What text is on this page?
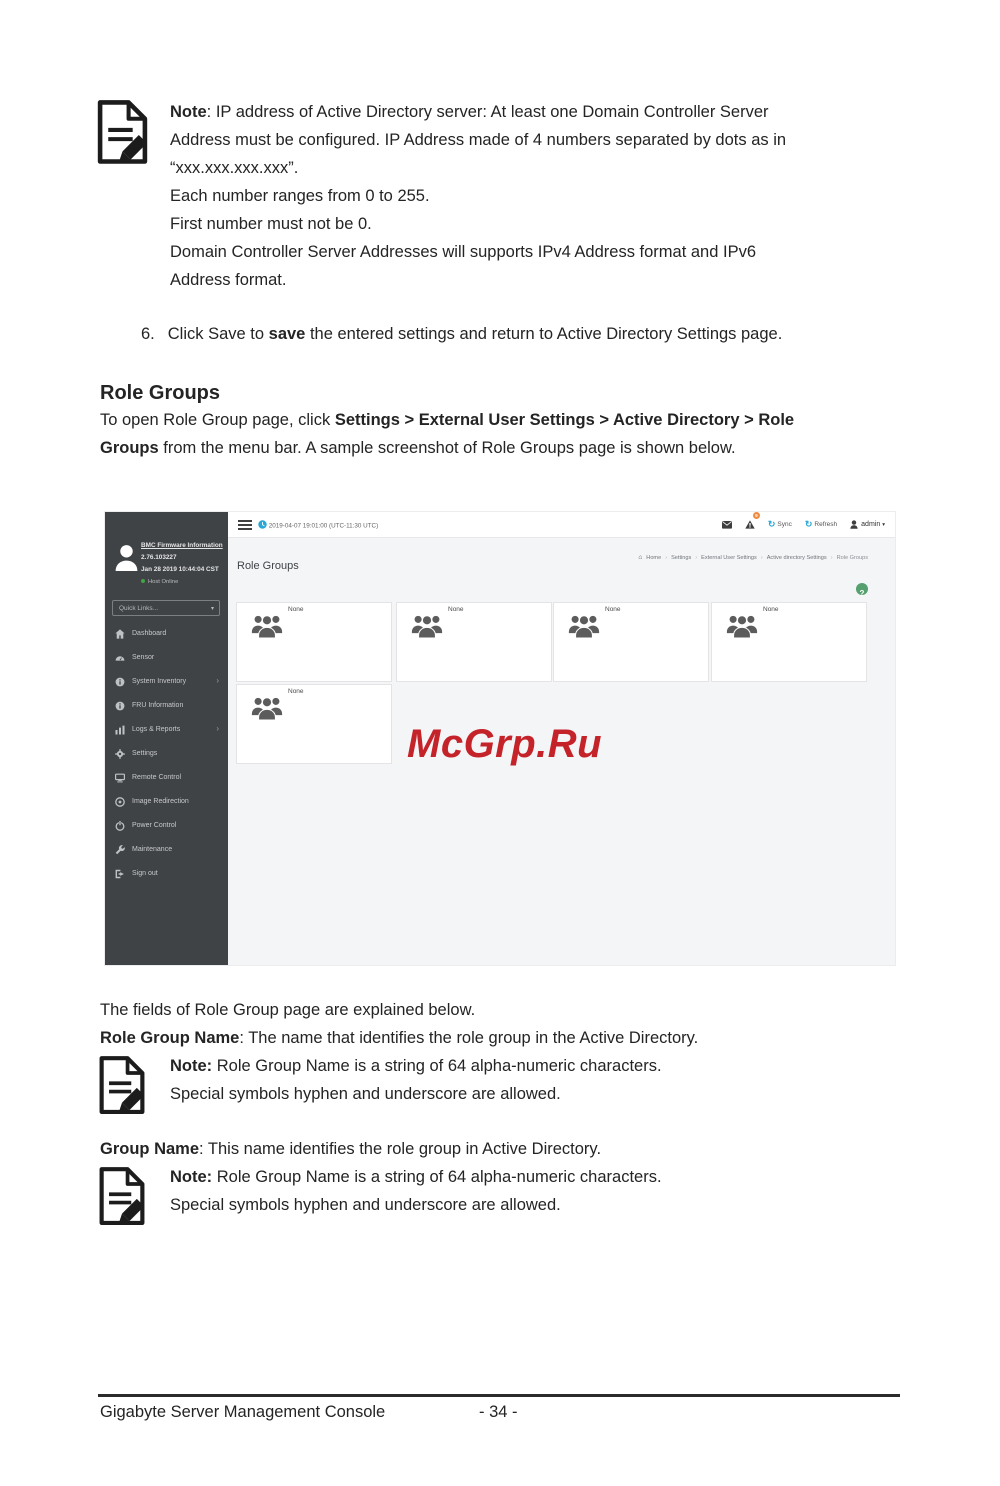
Note: IP address of Active Directory server: At least one Domain Controller Server
Address must be configured. IP Address made of 4 numbers separated by dots as in
“xxx.xxx.xxx.xxx”.
Each number ranges from 0 to 255.
First number must not be 0.
Domain Controller Server Addresses will supports IPv4 Address format and IPv6
Address format.
6. Click Save to save the entered settings and return to Active Directory Settings page.
Role Groups
To open Role Group page, click Settings > External User Settings > Active Directory > Role
Groups from the menu bar. A sample screenshot of Role Groups page is shown below.
BMC Firmware Information
2.76.103227
Jan 28 2019 10:44:04 CST
Host Online
Quick Links... ▾
Dashboard
Sensor
System Inventory
FRU Information
Logs & Reports
Settings
Remote Control
Image Redirection
Power Control
Maintenance
Sign out
2019-04-07 19:01:00 (UTC-11:30 UTC)
9
↻ Sync ↻ Refresh	admin
▾
Role Groups
⌂
Home › Settings › External User Settings › Active directory Settings › Role Groups
?
None	None	None	None
None
McGrp.Ru
The fields of Role Group page are explained below.
Role Group Name: The name that identifies the role group in the Active Directory.
Note: Role Group Name is a string of 64 alpha-numeric characters.
Special symbols hyphen and underscore are allowed.
Group Name: This name identifies the role group in Active Directory.
Note: Role Group Name is a string of 64 alpha-numeric characters.
Special symbols hyphen and underscore are allowed.
Gigabyte Server Management Console	- 34 -
